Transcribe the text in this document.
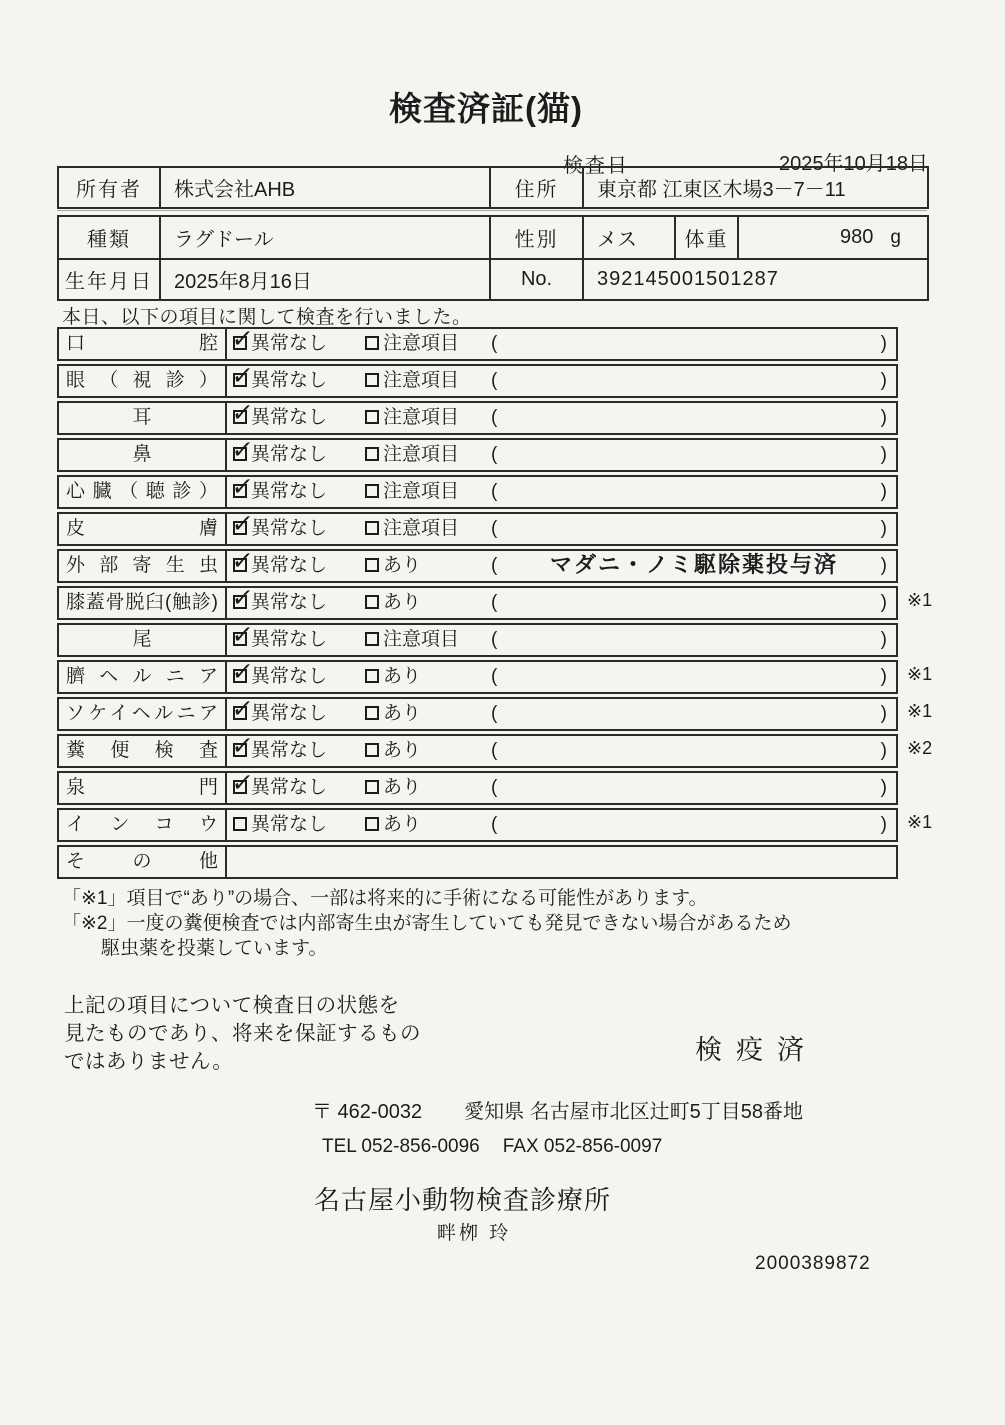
検査済証(猫)
検査日	2025年10月18日
所有者	株式会社AHB	住所	東京都 江東区木場3－7－11
種類	ラグドール	性別	メス	体重	980 g
生年月日	2025年8月16日	No.	392145001501287
本日、以下の項目に関して検査を行いました。
口腔 ✓	異常なし	注意項目 (	)
眼（視診） ✓	異常なし	注意項目 (	)
耳 ✓	異常なし	注意項目 (	)
鼻 ✓	異常なし	注意項目 (	)
心臓（聴診） ✓	異常なし	注意項目 (	)
皮膚 ✓	異常なし	注意項目 (	)
外部寄生虫 ✓	異常なし	あり	(	マダニ・ノミ駆除薬投与済	)
膝蓋骨脱臼(触診) ✓	異常なし	あり	(	) ※1
尾 ✓	異常なし	注意項目 (	)
臍ヘルニア ✓	異常なし	あり	(	) ※1
ソケイヘルニア ✓	異常なし	あり	(	) ※1
糞便検査 ✓	異常なし	あり	(	) ※2
泉門 ✓	異常なし	あり	(	)
インコウ	異常なし	あり	(	) ※1
その他
「※1」項目で“あり”の場合、一部は将来的に手術になる可能性があります。
「※2」一度の糞便検査では内部寄生虫が寄生していても発見できない場合があるため
駆虫薬を投薬しています。
上記の項目について検査日の状態を
見たものであり、将来を保証するもの
ではありません。	検疫済
〒 462-0032 愛知県 名古屋市北区辻町5丁目58番地
TEL 052-856-0096 FAX 052-856-0097
名古屋小動物検査診療所
畔栁 玲
2000389872
